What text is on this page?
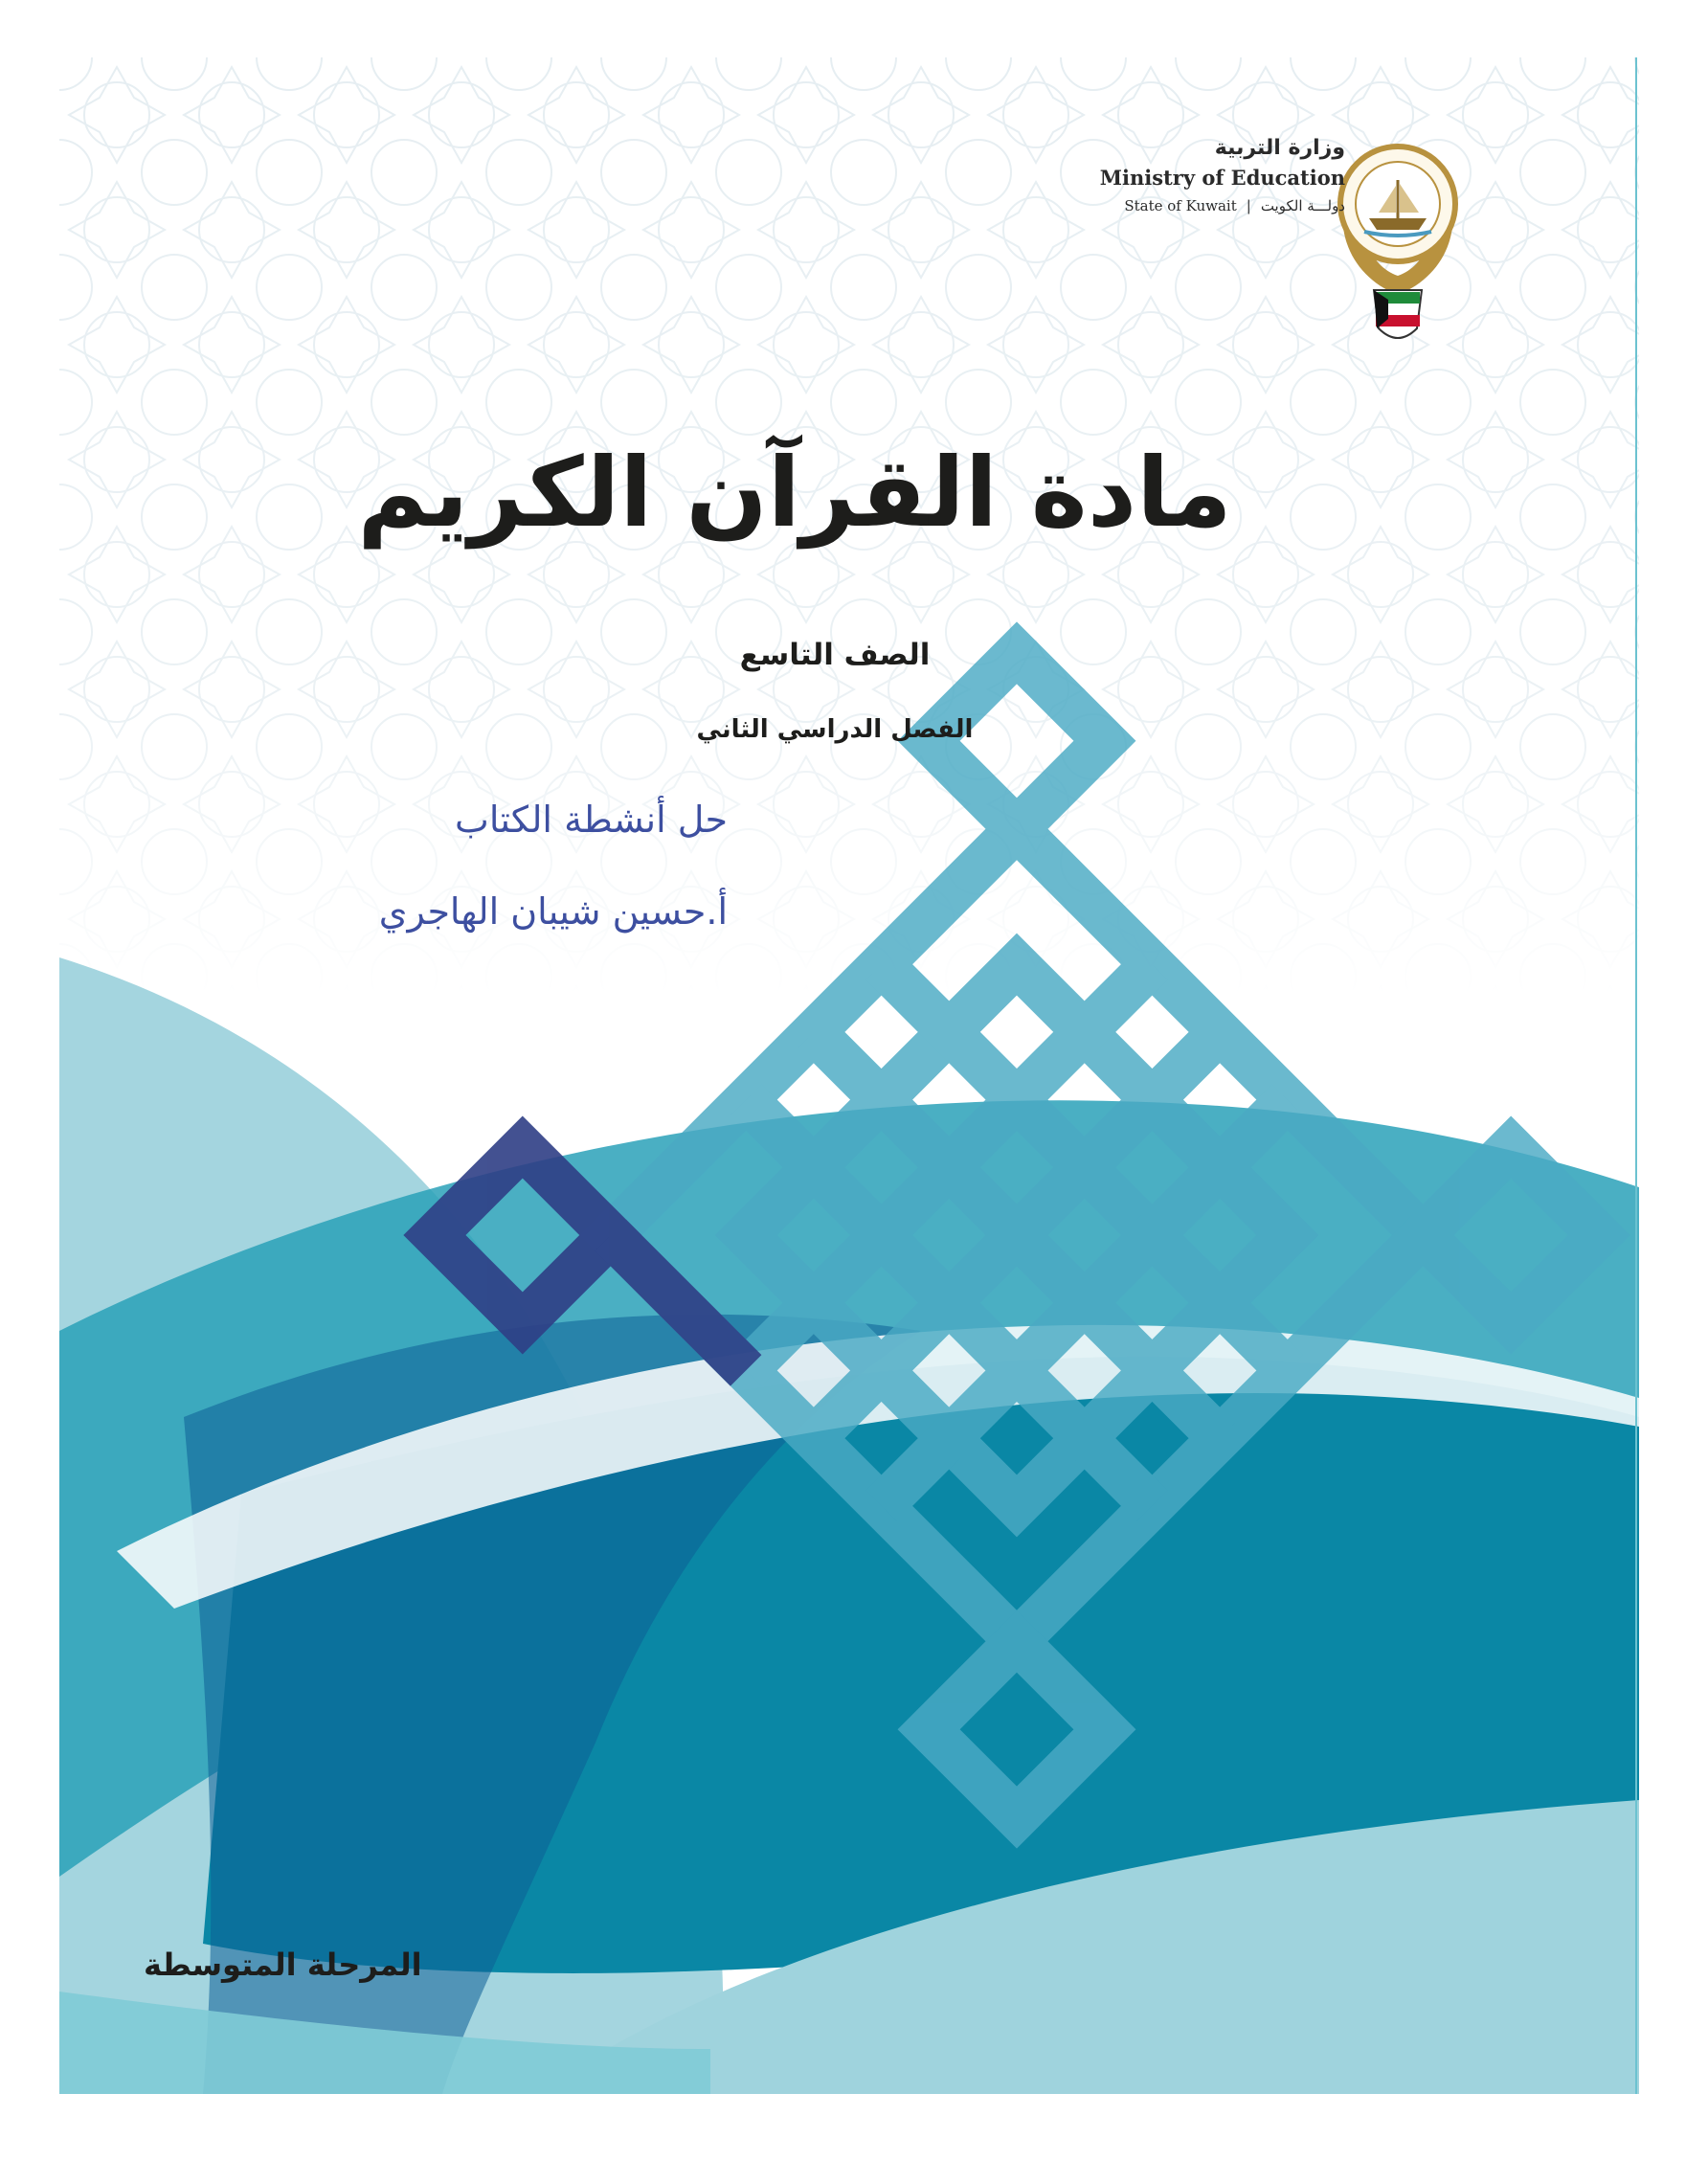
وزارة التربية
Ministry of Education
State of Kuwait | دولـــة الكويت
مادة القرآن الكريم
الصف التاسع
الفصل الدراسي الثاني
حل أنشطة الكتاب
أ.حسين شيبان الهاجري
المرحلة المتوسطة
